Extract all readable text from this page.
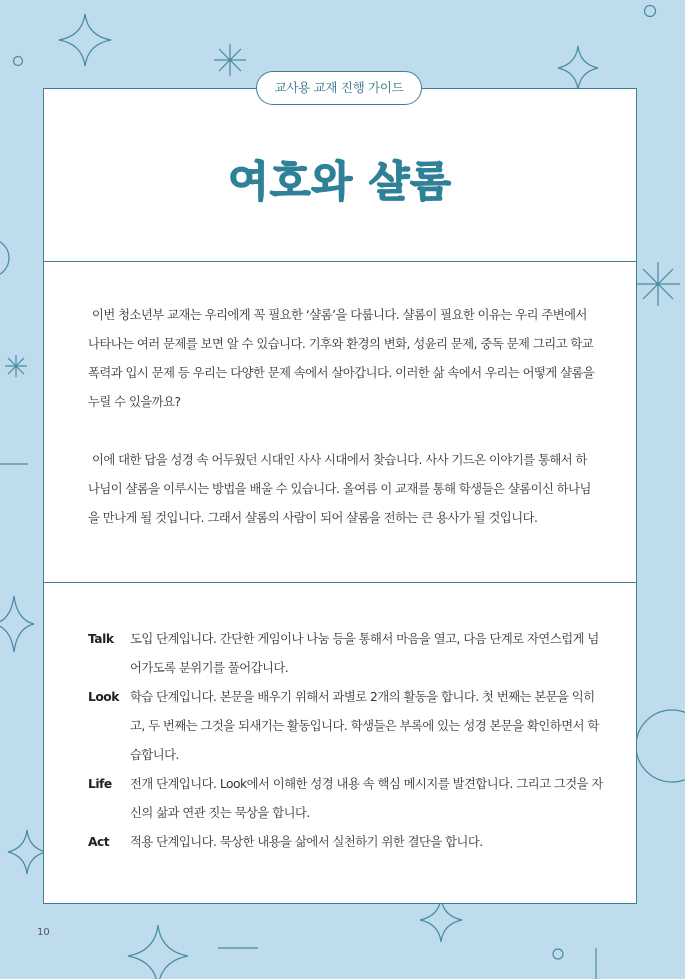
여호와 샬롬

이번 청소년부 교재는 우리에게 꼭 필요한 ‘샬롬’을 다룹니다. 샬롬이 필요한 이유는 우리 주변에서 나타나는 여러 문제를 보면 알 수 있습니다. 기후와 환경의 변화, 성윤리 문제, 중독 문제 그리고 학교 폭력과 입시 문제 등 우리는 다양한 문제 속에서 살아갑니다. 이러한 삶 속에서 우리는 어떻게 샬롬을 누릴 수 있을까요?

이에 대한 답을 성경 속 어두웠던 시대인 사사 시대에서 찾습니다. 사사 기드온 이야기를 통해서 하나님이 샬롬을 이루시는 방법을 배울 수 있습니다. 올여름 이 교재를 통해 학생들은 샬롬이신 하나님을 만나게 될 것입니다. 그래서 샬롬의 사람이 되어 샬롬을 전하는 큰 용사가 될 것입니다.

Talk	도입 단계입니다. 간단한 게임이나 나눔 등을 통해서 마음을 열고, 다음 단계로 자연스럽게 넘어가도록 분위기를 풀어갑니다.
Look 학습 단계입니다. 본문을 배우기 위해서 과별로 2개의 활동을 합니다. 첫 번째는 본문을 익히고, 두 번째는 그것을 되새기는 활동입니다. 학생들은 부록에 있는 성경 본문을 확인하면서 학습합니다.
Life	전개 단계입니다. Look에서 이해한 성경 내용 속 핵심 메시지를 발견합니다. 그리고 그것을 자신의 삶과 연관 짓는 묵상을 합니다.
Act	적용 단계입니다. 묵상한 내용을 삶에서 실천하기 위한 결단을 합니다.
교사용 교재 진행 가이드
10
